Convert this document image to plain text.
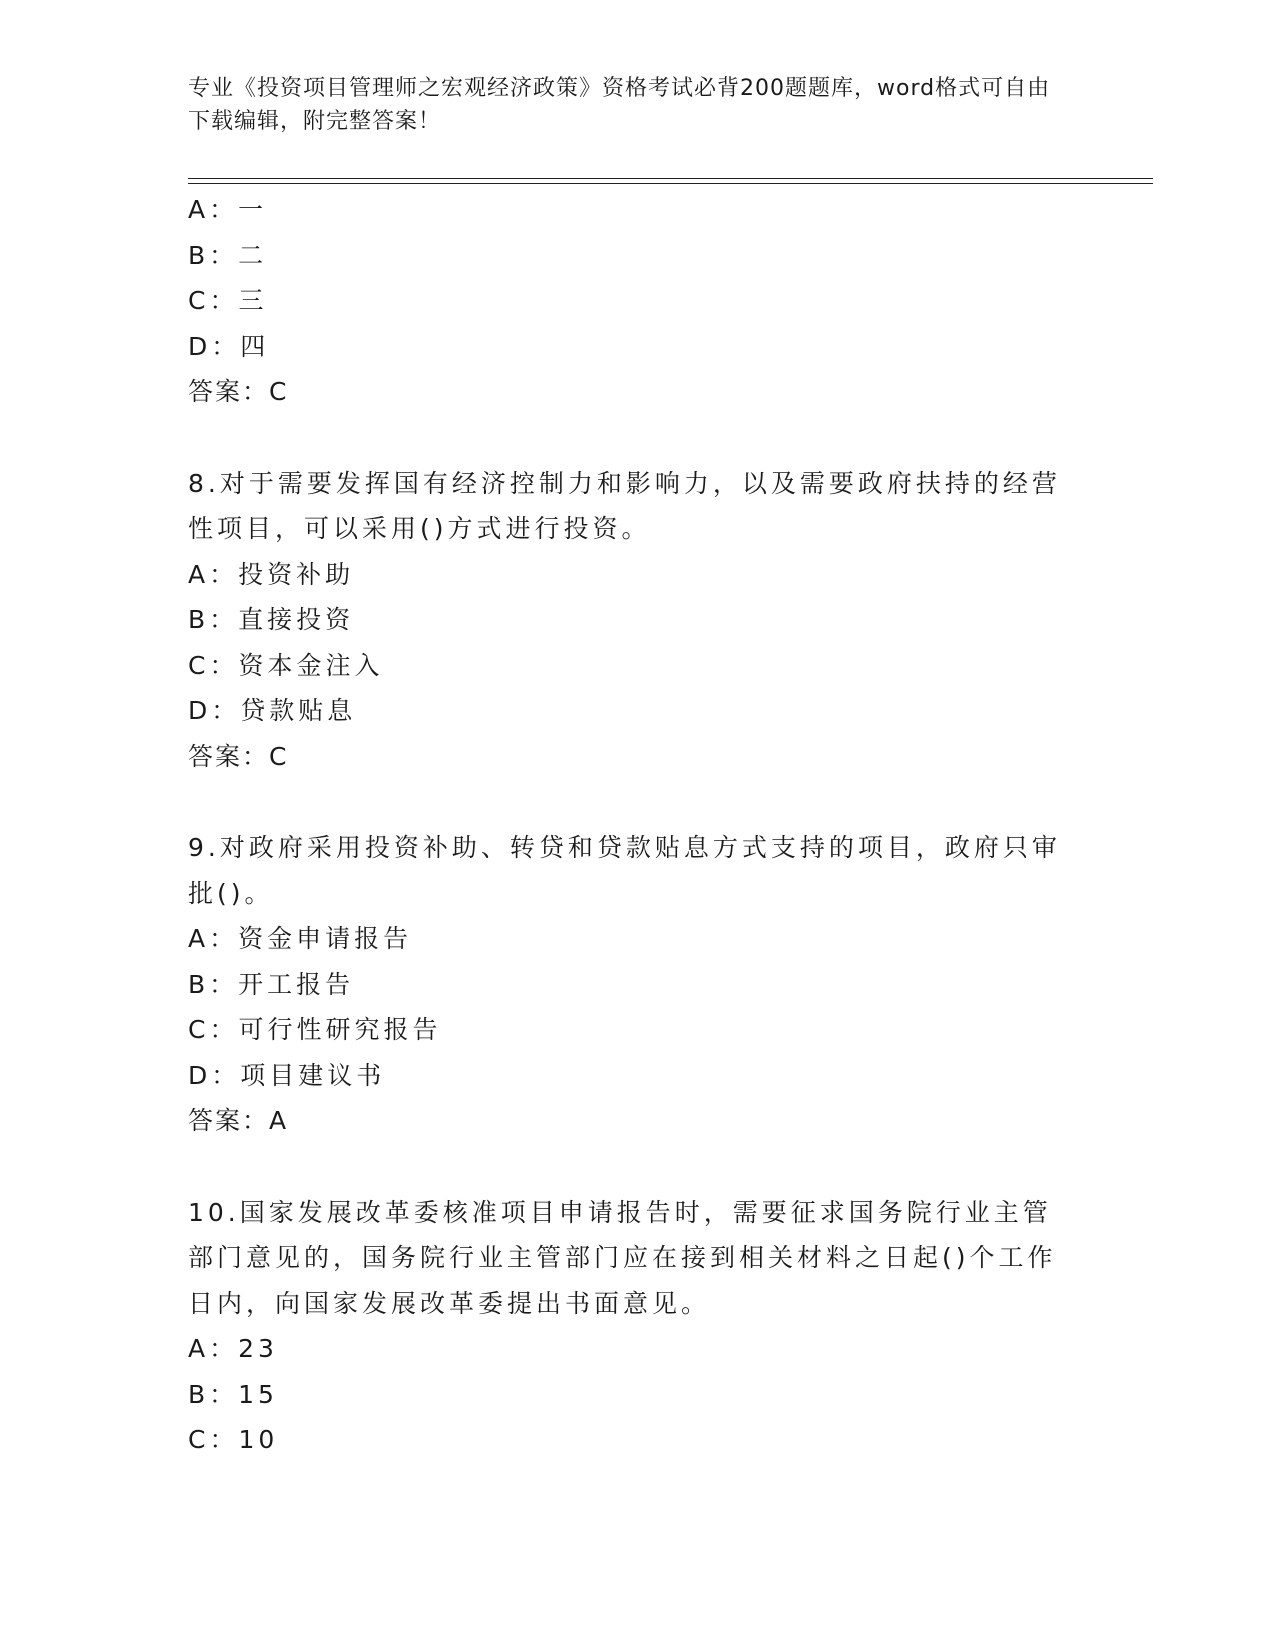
专业《投资项目管理师之宏观经济政策》资格考试必背200题题库，word格式可自由下载编辑，附完整答案！
A：一
B：二
C：三
D：四
答案：C
8.对于需要发挥国有经济控制力和影响力，以及需要政府扶持的经营性项目，可以采用()方式进行投资。
A：投资补助
B：直接投资
C：资本金注入
D：贷款贴息
答案：C
9.对政府采用投资补助、转贷和贷款贴息方式支持的项目，政府只审批()。
A：资金申请报告
B：开工报告
C：可行性研究报告
D：项目建议书
答案：A
10.国家发展改革委核准项目申请报告时，需要征求国务院行业主管部门意见的，国务院行业主管部门应在接到相关材料之日起()个工作日内，向国家发展改革委提出书面意见。
A：23
B：15
C：10
